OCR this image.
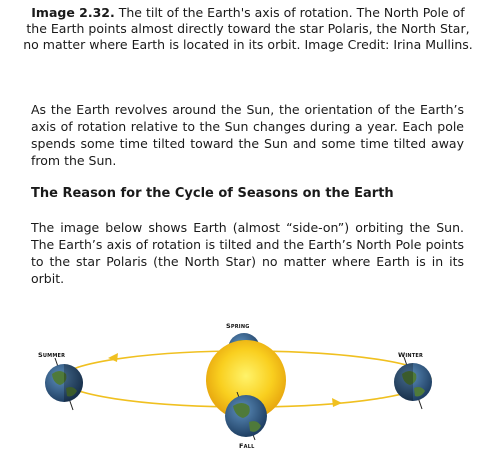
Image 2.32. The tilt of the Earth's axis of rotation. The North Pole of the Earth points almost directly toward the star Polaris, the North Star, no matter where Earth is located in its orbit. Image Credit: Irina Mullins.
As the Earth revolves around the Sun, the orientation of the Earth’s axis of rotation relative to the Sun changes during a year. Each pole spends some time tilted toward the Sun and some time tilted away from the Sun.
The Reason for the Cycle of Seasons on the Earth
The image below shows Earth (almost “side-on”) orbiting the Sun. The Earth’s axis of rotation is tilted and the Earth’s North Pole points to the star Polaris (the North Star) no matter where Earth is in its orbit.
Spring
Summer	Winter
Fall
